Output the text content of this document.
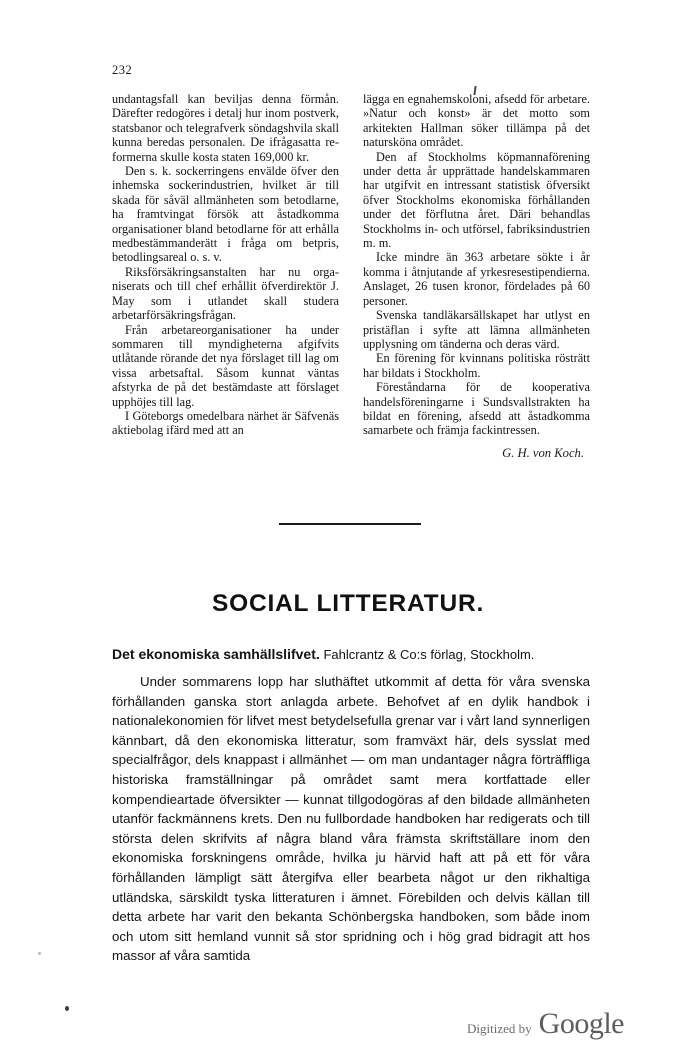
232

undantagsfall kan beviljas denna förmån. Därefter redogöres i detalj hur inom postverk, statsbanor och telegrafverk söndagshvila skall kunna beredas personalen. De ifrågasatta reformerna skulle kosta staten 169,000 kr.

Den s. k. sockerringens envälde öfver den inhemska sockerindustrien, hvilket är till skada för såväl allmänheten som betodlarne, ha framtvingat försök att åstadkomma organisationer bland betodlarne för att erhålla medbestämmanderätt i fråga om betpris, betodlingsareal o. s. v.

Riksförsäkringsanstalten har nu organiserats och till chef erhållit öfverdirektör J. May som i utlandet skall studera arbetarförsäkringsfrågan.

Från arbetareorganisationer ha under sommaren till myndigheterna afgifvits utlåtande rörande det nya förslaget till lag om vissa arbetsaftal. Såsom kunnat väntas afstyrka de på det bestämdaste att förslaget upphöjes till lag.

I Göteborgs omedelbara närhet är Säfvenäs aktiebolag ifärd med att an

lägga en egnahemskoloni, afsedd för arbetare. »Natur och konst» är det motto som arkitekten Hallman söker tillämpa på det natursköna området.

Den af Stockholms köpmannaförening under detta år upprättade handelskammaren har utgifvit en intressant statistisk öfversikt öfver Stockholms ekonomiska förhållanden under det förflutna året. Däri behandlas Stockholms in- och utförsel, fabriksindustrien m. m.

Icke mindre än 363 arbetare sökte i år komma i åtnjutande af yrkesresestipendierna. Anslaget, 26 tusen kronor, fördelades på 60 personer.

Svenska tandläkarsällskapet har utlyst en pristäflan i syfte att lämna allmänheten upplysning om tänderna och deras värd.

En förening för kvinnans politiska rösträtt har bildats i Stockholm.

Föreståndarna för de kooperativa handelsföreningarne i Sundsvallstrakten ha bildat en förening, afsedd att åstadkomma samarbete och främja fackintressen.

G. H. von Koch.
SOCIAL LITTERATUR.
Det ekonomiska samhällslifvet. Fahlcrantz & Co:s förlag, Stockholm.

Under sommarens lopp har sluthäftet utkommit af detta för våra svenska förhållanden ganska stort anlagda arbete. Behofvet af en dylik handbok i nationalekonomien för lifvet mest betydelsefulla grenar var i vårt land synnerligen kännbart, då den ekonomiska litteratur, som framväxt här, dels sysslat med specialfrågor, dels knappast i allmänhet — om man undantager några förträffliga historiska framställningar på området samt mera kortfattade eller kompendieartade öfversikter — kunnat tillgodogöras af den bildade allmänheten utanför fackmännens krets. Den nu fullbordade handboken har redigerats och till största delen skrifvits af några bland våra främsta skriftställare inom den ekonomiska forskningens område, hvilka ju härvid haft att på ett för våra förhållanden lämpligt sätt återgifva eller bearbeta något ur den rikhaltiga utländska, särskildt tyska litteraturen i ämnet. Förebilden och delvis källan till detta arbete har varit den bekanta Schönbergska handboken, som både inom och utom sitt hemland vunnit så stor spridning och i hög grad bidragit att hos massor af våra samtida

Digitized by Google
